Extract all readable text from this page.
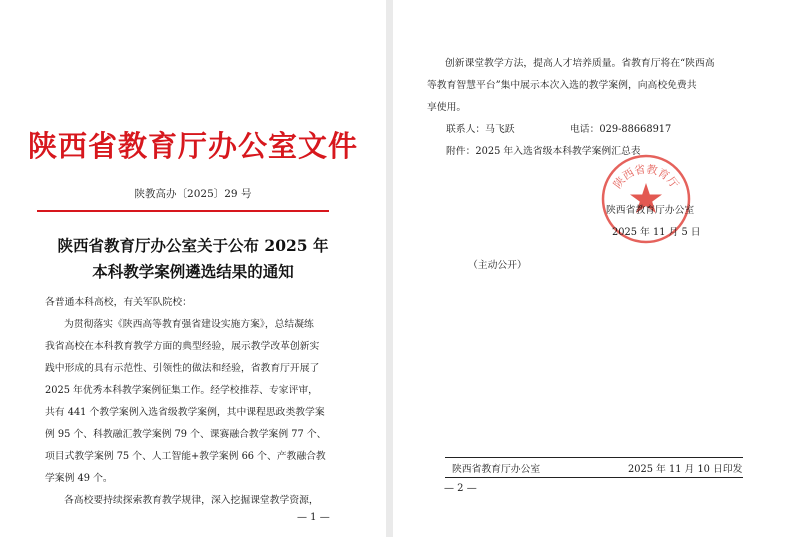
陕西省教育厅办公室文件
陕教高办〔2025〕29 号
陕西省教育厅办公室关于公布 2025 年
本科教学案例遴选结果的通知
各普通本科高校，有关军队院校：
为贯彻落实《陕西高等教育强省建设实施方案》，总结凝练
我省高校在本科教育教学方面的典型经验，展示教学改革创新实
践中形成的具有示范性、引领性的做法和经验，省教育厅开展了
2025 年优秀本科教学案例征集工作。经学校推荐、专家评审，
共有 441 个教学案例入选省级教学案例，其中课程思政类教学案
例 95 个、科教融汇教学案例 79 个、课赛融合教学案例 77 个、
项目式教学案例 75 个、人工智能+教学案例 66 个、产教融合教
学案例 49 个。
各高校要持续探索教育教学规律，深入挖掘课堂教学资源，
— 1 —
创新课堂教学方法，提高人才培养质量。省教育厅将在“陕西高
等教育智慧平台”集中展示本次入选的教学案例，向高校免费共
享使用。
联系人：马飞跃	电话：029-88668917
附件：2025 年入选省级本科教学案例汇总表
陕西省教育厅
陕西省教育厅办公室
2025 年 11 月 5 日
（主动公开）
陕西省教育厅办公室	2025 年 11 月 10 日印发
— 2 —
